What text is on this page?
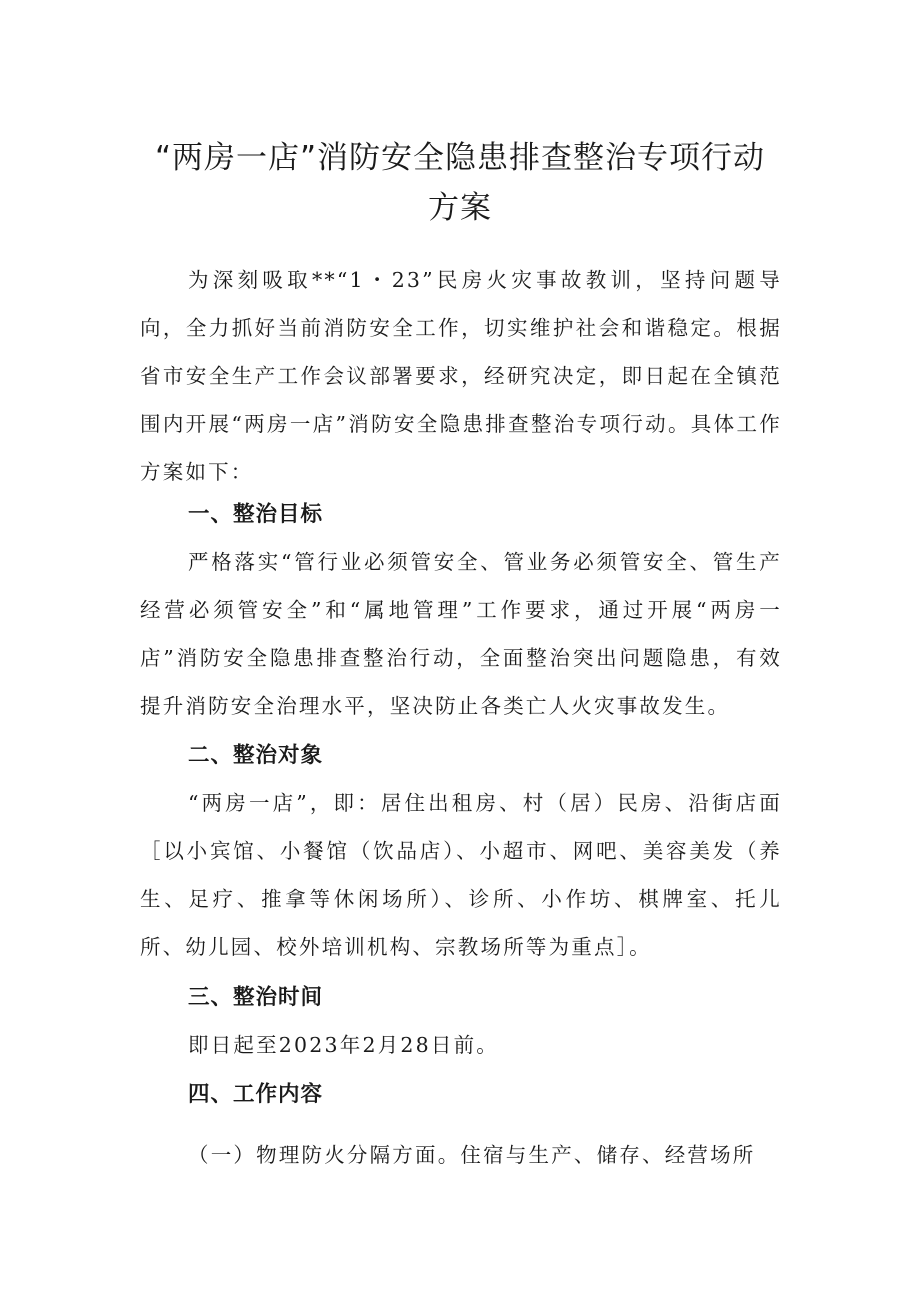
“两房一店”消防安全隐患排查整治专项行动
方案

为深刻吸取**“1・23”民房火灾事故教训，坚持问题导向，全力抓好当前消防安全工作，切实维护社会和谐稳定。根据省市安全生产工作会议部署要求，经研究决定，即日起在全镇范围内开展“两房一店”消防安全隐患排查整治专项行动。具体工作方案如下：

一、整治目标

严格落实“管行业必须管安全、管业务必须管安全、管生产经营必须管安全”和“属地管理”工作要求，通过开展“两房一店”消防安全隐患排查整治行动，全面整治突出问题隐患，有效提升消防安全治理水平，坚决防止各类亡人火灾事故发生。

二、整治对象

“两房一店”，即：居住出租房、村（居）民房、沿街店面［以小宾馆、小餐馆（饮品店）、小超市、网吧、美容美发（养生、足疗、推拿等休闲场所）、诊所、小作坊、棋牌室、托儿所、幼儿园、校外培训机构、宗教场所等为重点］。

三、整治时间

即日起至2023年2月28日前。

四、工作内容

（一）物理防火分隔方面。住宿与生产、储存、经营场所
